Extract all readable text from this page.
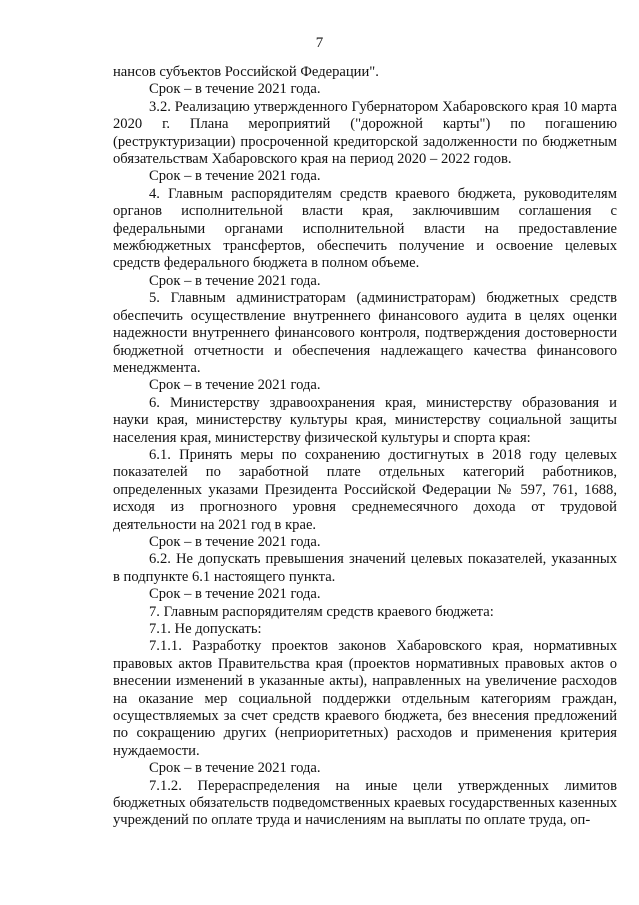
7

нансов субъектов Российской Федерации".

Срок – в течение 2021 года.

3.2. Реализацию утвержденного Губернатором Хабаровского края 10 марта 2020 г. Плана мероприятий ("дорожной карты") по погашению (реструктуризации) просроченной кредиторской задолженности по бюджетным обязательствам Хабаровского края на период 2020 – 2022 годов.

Срок – в течение 2021 года.

4. Главным распорядителям средств краевого бюджета, руководителям органов исполнительной власти края, заключившим соглашения с федеральными органами исполнительной власти на предоставление межбюджетных трансфертов, обеспечить получение и освоение целевых средств федерального бюджета в полном объеме.

Срок – в течение 2021 года.

5. Главным администраторам (администраторам) бюджетных средств обеспечить осуществление внутреннего финансового аудита в целях оценки надежности внутреннего финансового контроля, подтверждения достоверности бюджетной отчетности и обеспечения надлежащего качества финансового менеджмента.

Срок – в течение 2021 года.

6. Министерству здравоохранения края, министерству образования и науки края, министерству культуры края, министерству социальной защиты населения края, министерству физической культуры и спорта края:

6.1. Принять меры по сохранению достигнутых в 2018 году целевых показателей по заработной плате отдельных категорий работников, определенных указами Президента Российской Федерации № 597, 761, 1688, исходя из прогнозного уровня среднемесячного дохода от трудовой деятельности на 2021 год в крае.

Срок – в течение 2021 года.

6.2. Не допускать превышения значений целевых показателей, указанных в подпункте 6.1 настоящего пункта.

Срок – в течение 2021 года.

7. Главным распорядителям средств краевого бюджета:

7.1. Не допускать:

7.1.1. Разработку проектов законов Хабаровского края, нормативных правовых актов Правительства края (проектов нормативных правовых актов о внесении изменений в указанные акты), направленных на увеличение расходов на оказание мер социальной поддержки отдельным категориям граждан, осуществляемых за счет средств краевого бюджета, без внесения предложений по сокращению других (неприоритетных) расходов и применения критерия нуждаемости.

Срок – в течение 2021 года.

7.1.2. Перераспределения на иные цели утвержденных лимитов бюджетных обязательств подведомственных краевых государственных казенных учреждений по оплате труда и начислениям на выплаты по оплате труда, оп-
